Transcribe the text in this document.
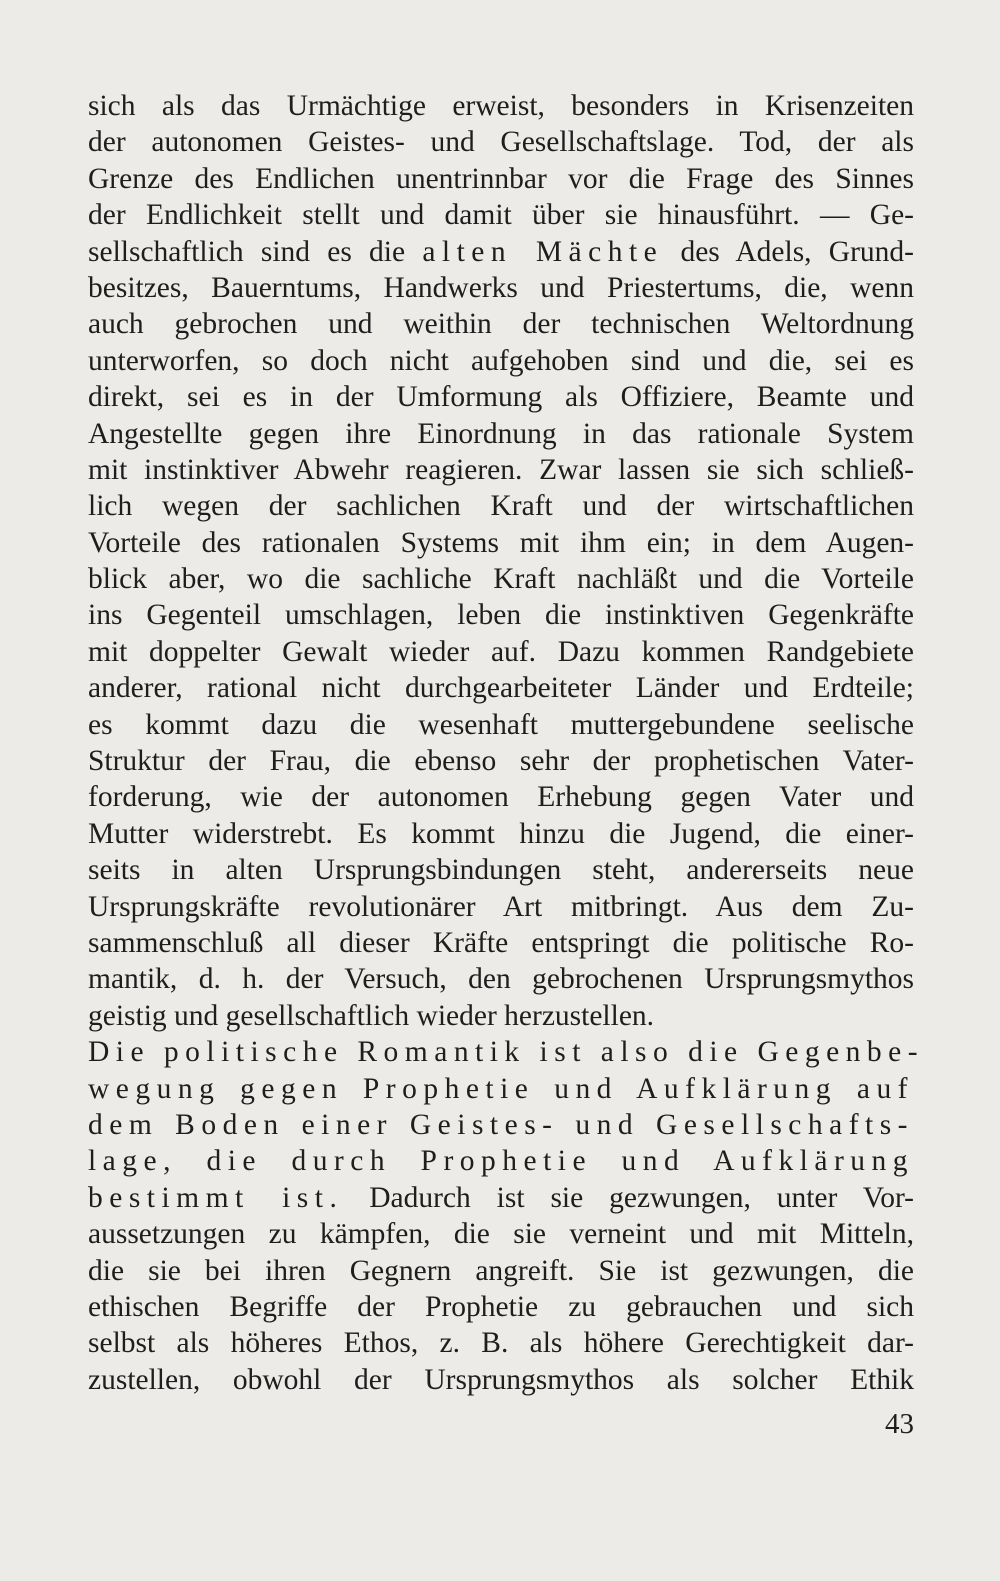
sich als das Urmächtige erweist, besonders in Krisenzeiten
der autonomen Geistes- und Gesellschaftslage. Tod, der als
Grenze des Endlichen unentrinnbar vor die Frage des Sinnes
der Endlichkeit stellt und damit über sie hinausführt. — Ge-
sellschaftlich sind es die alten Mächte des Adels, Grund-
besitzes, Bauerntums, Handwerks und Priestertums, die, wenn
auch gebrochen und weithin der technischen Weltordnung
unterworfen, so doch nicht aufgehoben sind und die, sei es
direkt, sei es in der Umformung als Offiziere, Beamte und
Angestellte gegen ihre Einordnung in das rationale System
mit instinktiver Abwehr reagieren. Zwar lassen sie sich schließ-
lich wegen der sachlichen Kraft und der wirtschaftlichen
Vorteile des rationalen Systems mit ihm ein; in dem Augen-
blick aber, wo die sachliche Kraft nachläßt und die Vorteile
ins Gegenteil umschlagen, leben die instinktiven Gegenkräfte
mit doppelter Gewalt wieder auf. Dazu kommen Randgebiete
anderer, rational nicht durchgearbeiteter Länder und Erdteile;
es kommt dazu die wesenhaft muttergebundene seelische
Struktur der Frau, die ebenso sehr der prophetischen Vater-
forderung, wie der autonomen Erhebung gegen Vater und
Mutter widerstrebt. Es kommt hinzu die Jugend, die einer-
seits in alten Ursprungsbindungen steht, andererseits neue
Ursprungskräfte revolutionärer Art mitbringt. Aus dem Zu-
sammenschluß all dieser Kräfte entspringt die politische Ro-
mantik, d. h. der Versuch, den gebrochenen Ursprungsmythos
geistig und gesellschaftlich wieder herzustellen.
Die politische Romantik ist also die Gegenbe-
wegung gegen Prophetie und Aufklärung auf
dem Boden einer Geistes- und Gesellschafts-
lage, die durch Prophetie und Aufklärung
bestimmt ist. Dadurch ist sie gezwungen, unter Vor-
aussetzungen zu kämpfen, die sie verneint und mit Mitteln,
die sie bei ihren Gegnern angreift. Sie ist gezwungen, die
ethischen Begriffe der Prophetie zu gebrauchen und sich
selbst als höheres Ethos, z. B. als höhere Gerechtigkeit dar-
zustellen, obwohl der Ursprungsmythos als solcher Ethik
43
